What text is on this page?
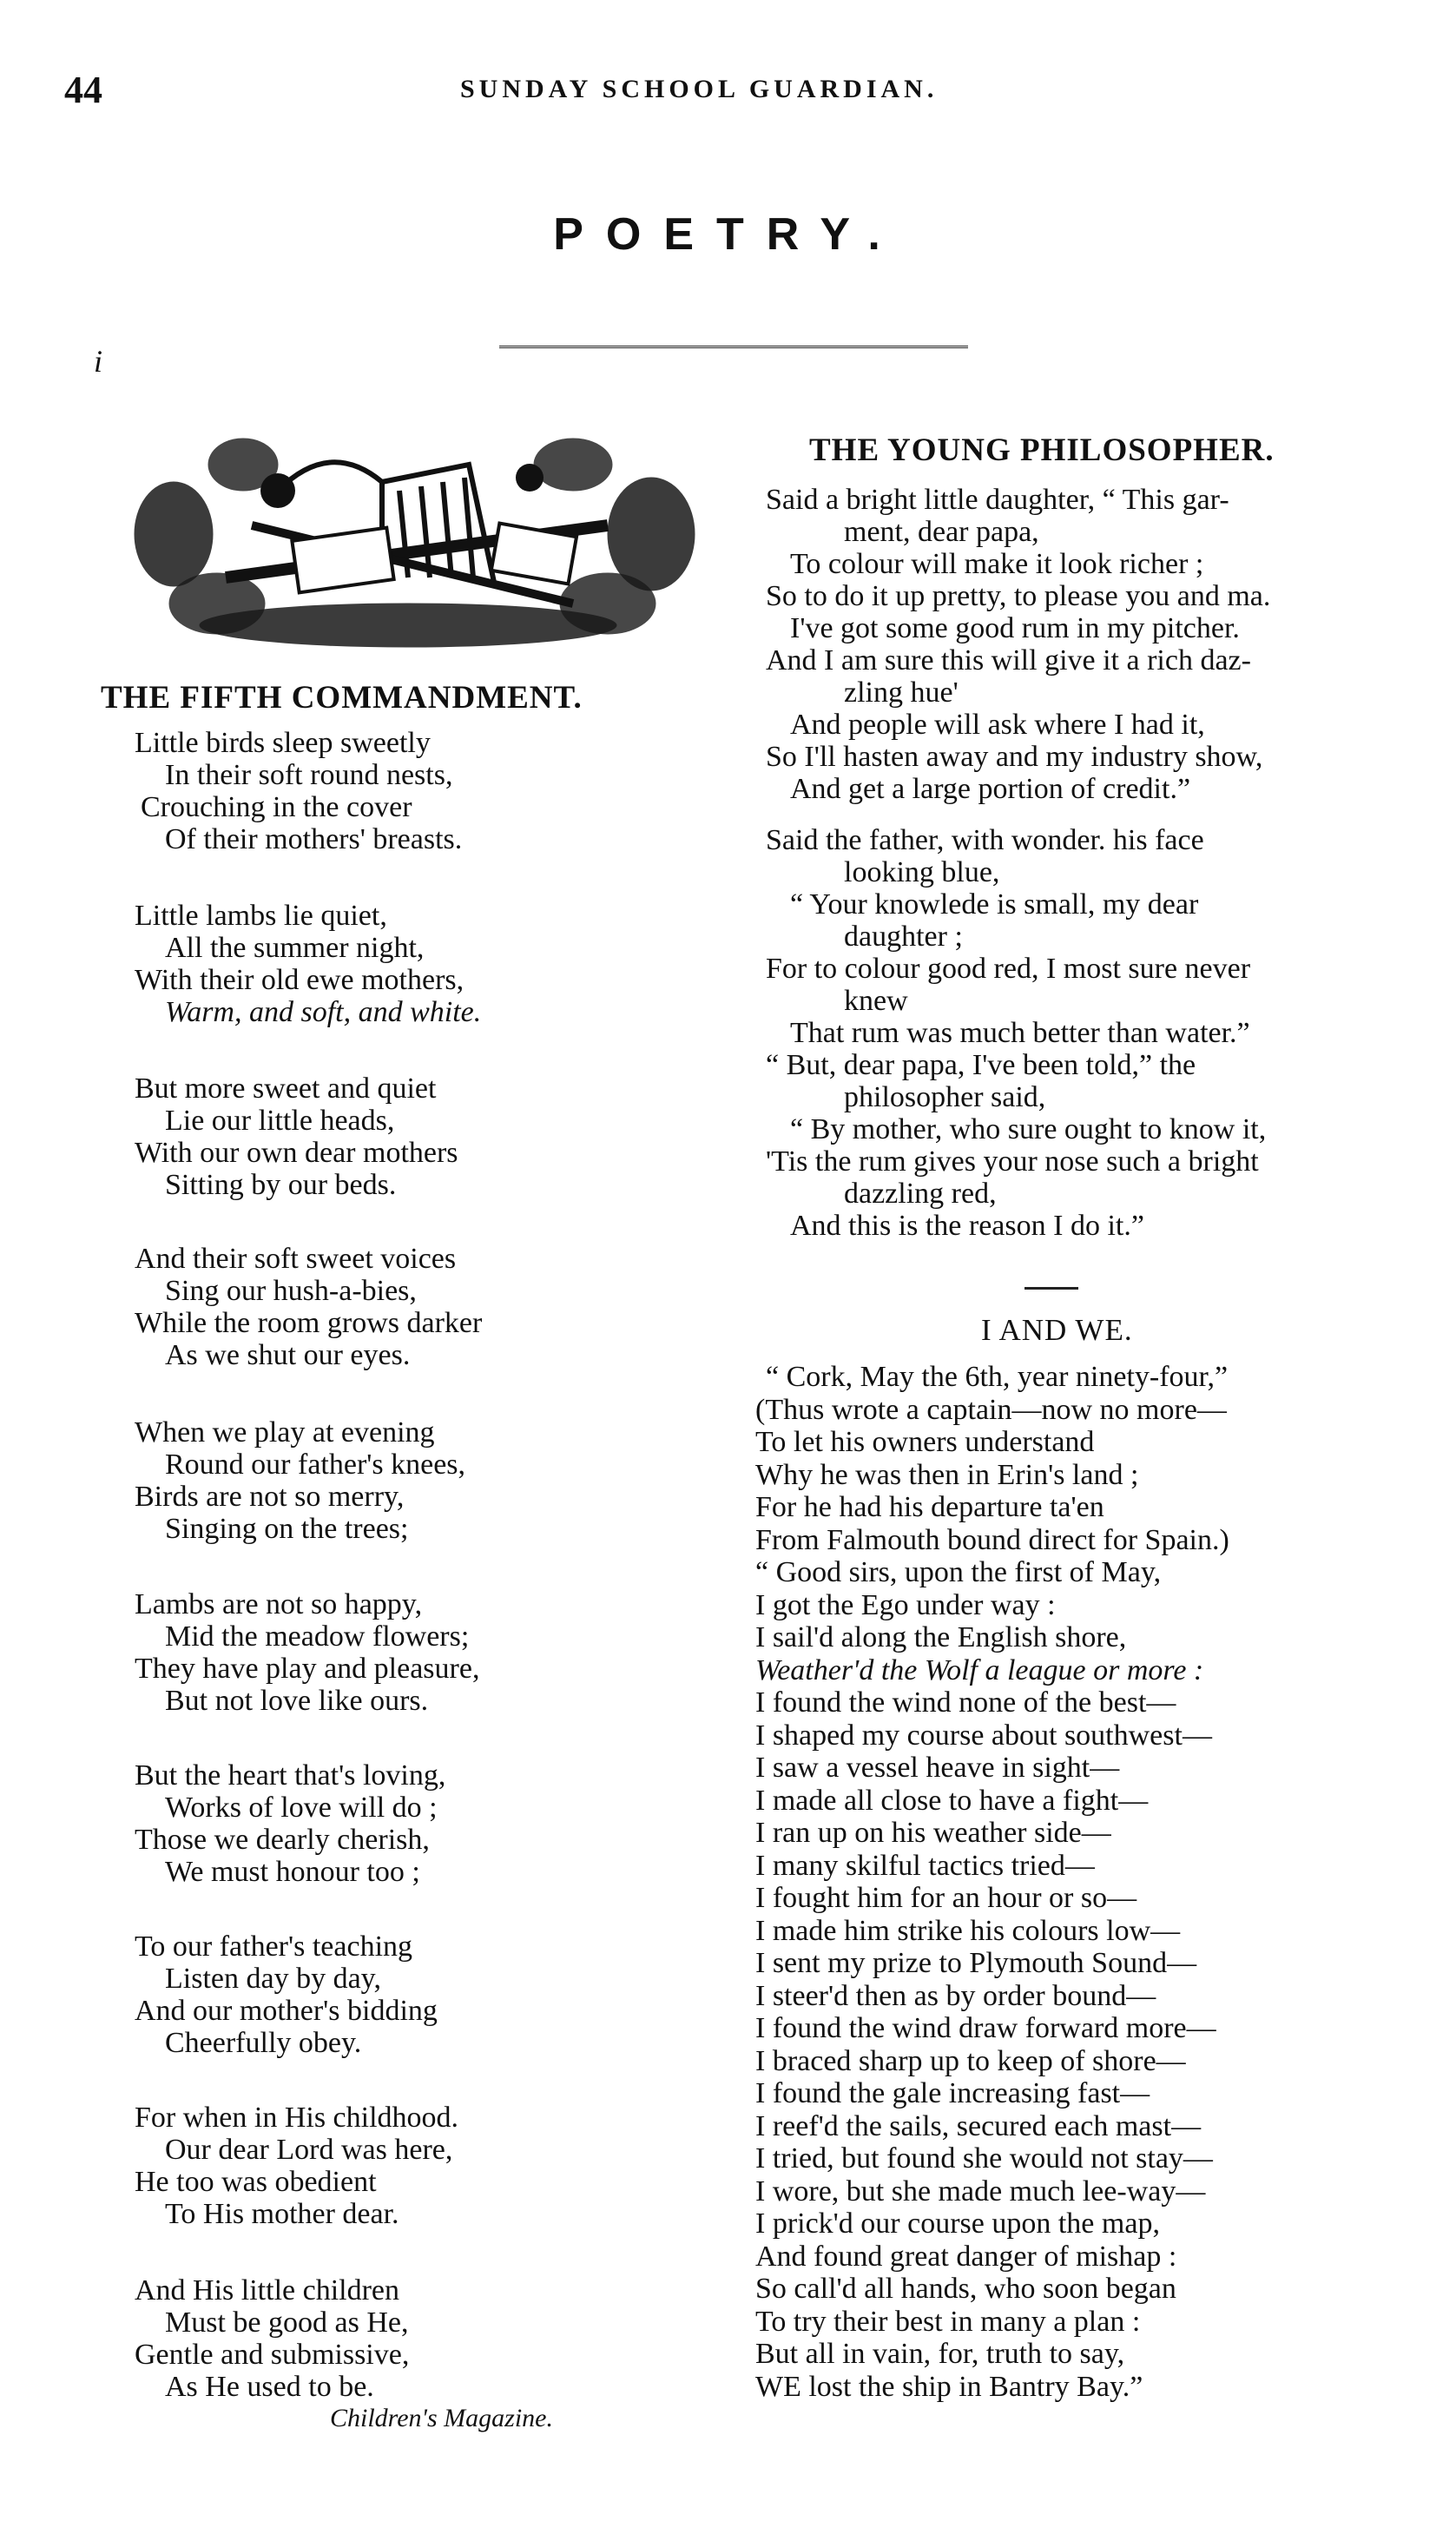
44	SUNDAY SCHOOL GUARDIAN.
POETRY.
i
THE FIFTH COMMANDMENT.
Little birds sleep sweetly
In their soft round nests,
Crouching in the cover
Of their mothers' breasts.
Little lambs lie quiet,
All the summer night,
With their old ewe mothers,
Warm, and soft, and white.
But more sweet and quiet
Lie our little heads,
With our own dear mothers
Sitting by our beds.
And their soft sweet voices
Sing our hush-a-bies,
While the room grows darker
As we shut our eyes.
When we play at evening
Round our father's knees,
Birds are not so merry,
Singing on the trees;
Lambs are not so happy,
Mid the meadow flowers;
They have play and pleasure,
But not love like ours.
But the heart that's loving,
Works of love will do ;
Those we dearly cherish,
We must honour too ;
To our father's teaching
Listen day by day,
And our mother's bidding
Cheerfully obey.
For when in His childhood.
Our dear Lord was here,
He too was obedient
To His mother dear.
And His little children
Must be good as He,
Gentle and submissive,
As He used to be.
Children's Magazine.
THE YOUNG PHILOSOPHER.
Said a bright little daughter, “ This gar-
ment, dear papa,
To colour will make it look richer ;
So to do it up pretty, to please you and ma.
I've got some good rum in my pitcher.
And I am sure this will give it a rich daz-
zling hue'
And people will ask where I had it,
So I'll hasten away and my industry show,
And get a large portion of credit.”
Said the father, with wonder. his face
looking blue,
“ Your knowlede is small, my dear
daughter ;
For to colour good red, I most sure never
knew
That rum was much better than water.”
“ But, dear papa, I've been told,” the
philosopher said,
“ By mother, who sure ought to know it,
'Tis the rum gives your nose such a bright
dazzling red,
And this is the reason I do it.”
I AND WE.
“ Cork, May the 6th, year ninety-four,”
(Thus wrote a captain—now no more—
To let his owners understand
Why he was then in Erin's land ;
For he had his departure ta'en
From Falmouth bound direct for Spain.)
“ Good sirs, upon the first of May,
I got the Ego under way :
I sail'd along the English shore,
Weather'd the Wolf a league or more :
I found the wind none of the best—
I shaped my course about southwest—
I saw a vessel heave in sight—
I made all close to have a fight—
I ran up on his weather side—
I many skilful tactics tried—
I fought him for an hour or so—
I made him strike his colours low—
I sent my prize to Plymouth Sound—
I steer'd then as by order bound—
I found the wind draw forward more—
I braced sharp up to keep of shore—
I found the gale increasing fast—
I reef'd the sails, secured each mast—
I tried, but found she would not stay—
I wore, but she made much lee-way—
I prick'd our course upon the map,
And found great danger of mishap :
So call'd all hands, who soon began
To try their best in many a plan :
But all in vain, for, truth to say,
WE lost the ship in Bantry Bay.”
